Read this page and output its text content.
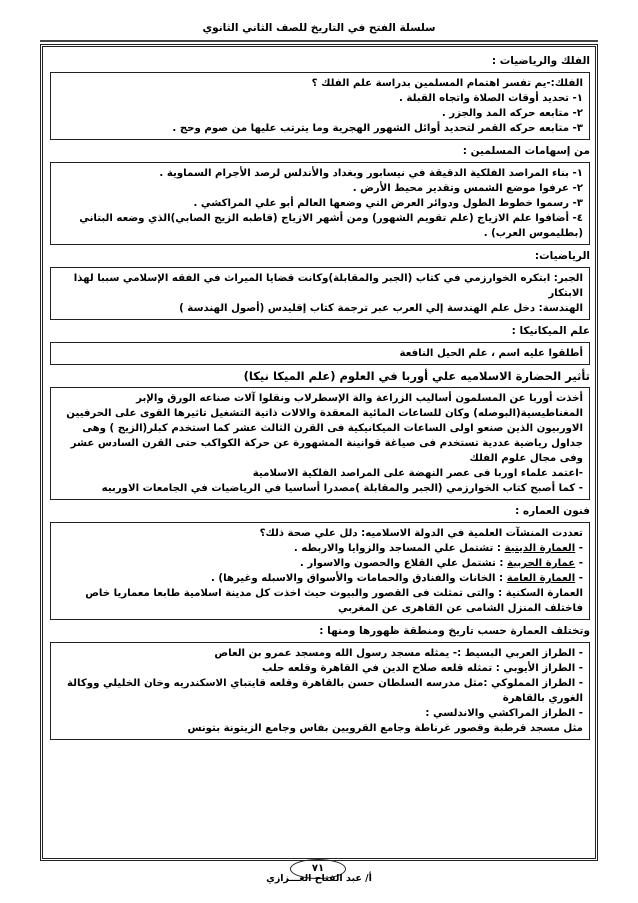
سلسلة الفتح في التاريخ للصف الثاني الثانوي
الفلك والرياضيات :

الفلك:-يم تفسر اهتمام المسلمين بدراسة علم الفلك ؟

١- تحديد أوقات الصلاة واتجاه القبلة .

٢- متابعه حركه المد والجزر .

٣- متابعه حركه القمر لتحديد أوائل الشهور الهجرية وما يترتب عليها من صوم وحج .

من إسهامات المسلمين :

١- بناء المراصد الفلكية الدقيقة في نيسابور وبغداد والأندلس لرصد الأجرام السماوية .

٢- عرفوا موضع الشمس وتقدير محيط الأرض .

٣- رسموا خطوط الطول ودوائر العرض التي وضعها العالم أبو علي المراكشي .

٤- أضافوا علم الازياج (علم تقويم الشهور) ومن أشهر الازياج (قاطبه الزيج الصابي)الذي وضعه البتاني (بطليموس العرب) .

الرياضيات:

الجبر: ابتكره الخوارزمي في كتاب (الجبر والمقابلة)وكانت قضايا الميراث في الفقه الإسلامي سببا لهذا الابتكار

الهندسة: دخل علم الهندسة إلي العرب عبر ترجمة كتاب إقليدس (أصول الهندسة )

علم الميكانيكا :

أطلقوا عليه اسم ، علم الحيل النافعة

تأثير الحضارة الاسلاميه علي أوربا في العلوم (علم الميكا نيكا)

أخذت أوربا عن المسلمون أساليب الزراعة والة الإسطرلاب ونقلوا آلات صناعه الورق والإبر المغناطيسية(البوصله) وكان للساعات المائية المعقدة والالات ذاتية التشغيل تاثيرها القوى على الحرفيين الاوربيون الذين صنعو اولى الساعات الميكانيكية فى القرن الثالث عشر كما استخدم كبلر(الزيج ) وهى جداول رياضية عددية تستخدم فى صياغة قوانينة المشهورة عن حركة الكواكب حتى القرن السادس عشر

وفى مجال علوم الفلك

-اعتمد علماء اوربا فى عصر النهضة على المراصد الفلكية الاسلامية

- كما أصبح كتاب الخوارزمي (الجبر والمقابلة )مصدرا أساسيا في الرياضيات في الجامعات الاوربيه

فنون العماره :

تعددت المنشآت العلمية في الدولة الاسلاميه: دلل علي صحة ذلك؟

- العمارة الدينية : تشتمل علي المساجد والزوايا والاربطه .

- عمارة الحربية : تشتمل علي القلاع والحصون والاسوار .

- العمارة العامة : الخانات والفنادق والحمامات والأسواق والاسبله وغيرها) .

العمارة السكنية : والتى تمثلت فى القصور والبيوت حيث اخذت كل مدينة اسلامية طابعا معماريا خاص فاختلف المنزل الشامى عن القاهرى عن المغربي

وتختلف العمارة حسب تاريخ ومنطقة ظهورها ومنها :

- الطراز العربي البسيط :- يمثله مسجد رسول الله ومسجد عمرو بن العاص

- الطراز الأيوبي : تمثله قلعه صلاح الدين في القاهرة وقلعه حلب

- الطراز المملوكي :مثل مدرسه السلطان حسن بالقاهرة وقلعه قايتباي الاسكندريه وخان الخليلي ووكالة الغوري بالقاهرة

- الطراز المراكشي والاندلسي :

مثل مسجد قرطبة وقصور غرناطة وجامع القرويين بفاس وجامع الزيتونة بتونس

٧١
أ/ عبد الفتاح العـــزازي
